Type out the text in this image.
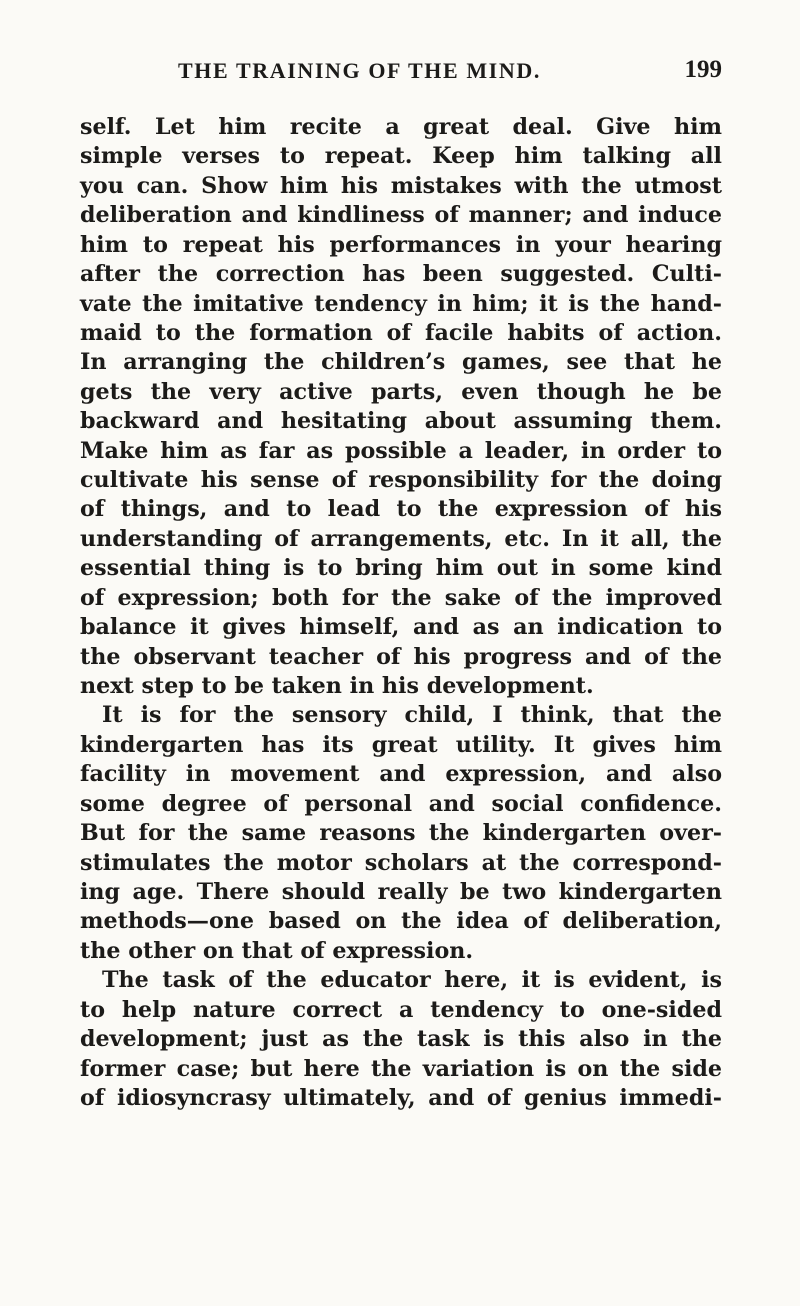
THE TRAINING OF THE MIND.	199
self. Let him recite a great deal. Give him
simple verses to repeat. Keep him talking all
you can. Show him his mistakes with the utmost
deliberation and kindliness of manner; and induce
him to repeat his performances in your hearing
after the correction has been suggested. Culti-
vate the imitative tendency in him; it is the hand-
maid to the formation of facile habits of action.
In arranging the children’s games, see that he
gets the very active parts, even though he be
backward and hesitating about assuming them.
Make him as far as possible a leader, in order to
cultivate his sense of responsibility for the doing
of things, and to lead to the expression of his
understanding of arrangements, etc. In it all, the
essential thing is to bring him out in some kind
of expression; both for the sake of the improved
balance it gives himself, and as an indication to
the observant teacher of his progress and of the
next step to be taken in his development.
It is for the sensory child, I think, that the
kindergarten has its great utility. It gives him
facility in movement and expression, and also
some degree of personal and social confidence.
But for the same reasons the kindergarten over-
stimulates the motor scholars at the correspond-
ing age. There should really be two kindergarten
methods—one based on the idea of deliberation,
the other on that of expression.
The task of the educator here, it is evident, is
to help nature correct a tendency to one-sided
development; just as the task is this also in the
former case; but here the variation is on the side
of idiosyncrasy ultimately, and of genius immedi-
